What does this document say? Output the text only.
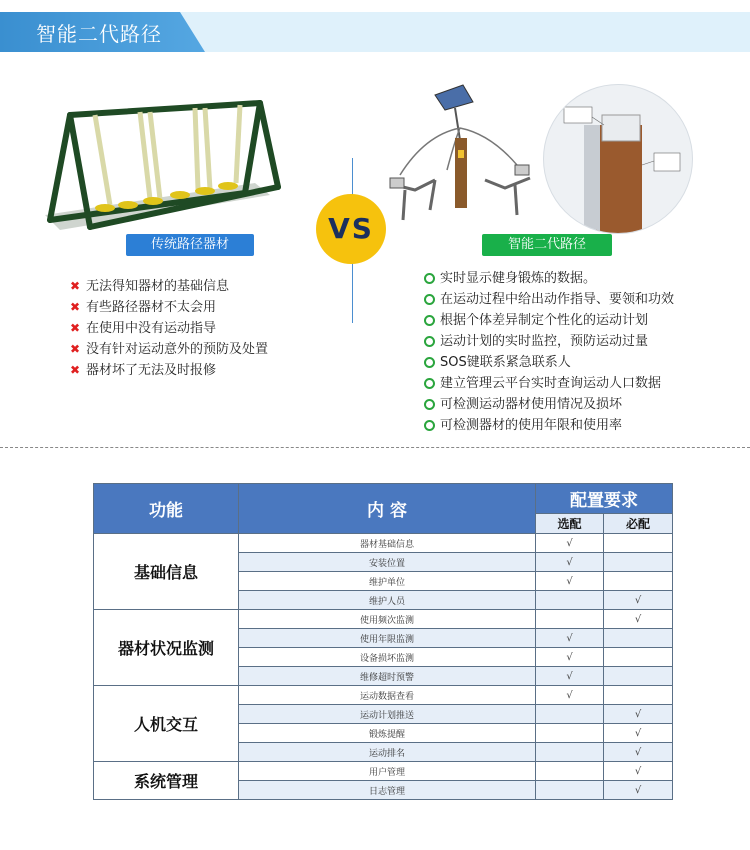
智能二代路径
传统路径器材	VS	智能二代路径
✖ 无法得知器材的基础信息
✖ 有些路径器材不太会用
✖ 在使用中没有运动指导
✖ 没有针对运动意外的预防及处置
✖ 器材坏了无法及时报修
实时显示健身锻炼的数据。
在运动过程中给出动作指导、要领和功效
根据个体差异制定个性化的运动计划
运动计划的实时监控，预防运动过量
SOS键联系紧急联系人
建立管理云平台实时查询运动人口数据
可检测运动器材使用情况及损坏
可检测器材的使用年限和使用率
功能	内 容	配置要求	
		选配	必配
基础信息	器材基础信息	√	
	安装位置	√	
	维护单位	√	
	维护人员		√
器材状况监测	使用频次监测		√
	使用年限监测	√	
	设备损坏监测	√	
	维修超时预警	√	
人机交互	运动数据查看	√	
	运动计划推送		√
	锻炼提醒		√
	运动排名		√
系统管理	用户管理		√
	日志管理		√
